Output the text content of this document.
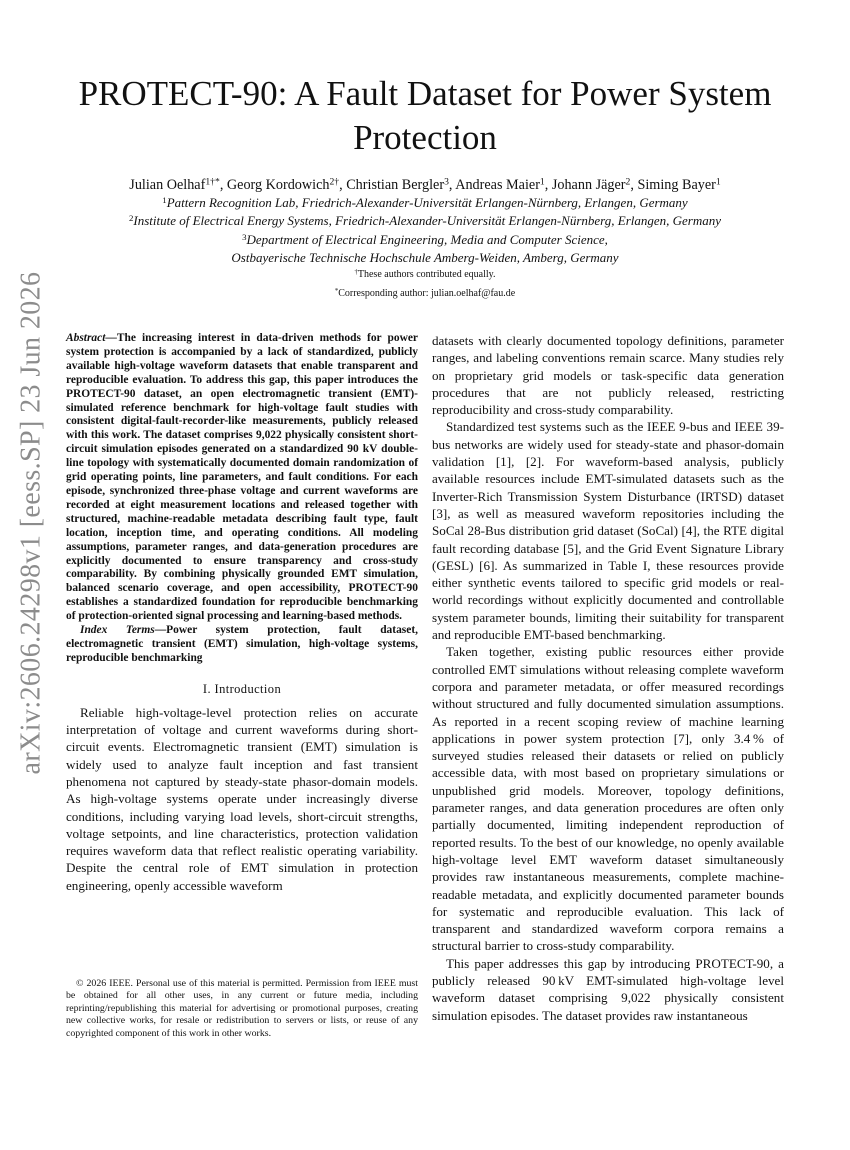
arXiv:2606.24298v1 [eess.SP] 23 Jun 2026
PROTECT-90: A Fault Dataset for Power System Protection
Julian Oelhaf$^{1\dagger*}$, Georg Kordowich$^{2\dagger}$, Christian Bergler$^3$, Andreas Maier$^1$, Johann Jäger$^2$, Siming Bayer$^1$
$^1$Pattern Recognition Lab, Friedrich-Alexander-Universität Erlangen-Nürnberg, Erlangen, Germany
$^2$Institute of Electrical Energy Systems, Friedrich-Alexander-Universität Erlangen-Nürnberg, Erlangen, Germany
$^3$Department of Electrical Engineering, Media and Computer Science,
Ostbayerische Technische Hochschule Amberg-Weiden, Amberg, Germany
†These authors contributed equally.
*Corresponding author: julian.oelhaf@fau.de

Abstract—The increasing interest in data-driven methods for power system protection is accompanied by a lack of standardized, publicly available high-voltage waveform datasets that enable transparent and reproducible evaluation. To address this gap, this paper introduces the PROTECT-90 dataset, an open electromagnetic transient (EMT)-simulated reference benchmark for high-voltage fault studies with consistent digital-fault-recorder-like measurements, publicly released with this work. The dataset comprises 9,022 physically consistent short-circuit simulation episodes generated on a standardized 90 kV double-line topology with systematically documented domain randomization of grid operating points, line parameters, and fault conditions. For each episode, synchronized three-phase voltage and current waveforms are recorded at eight measurement locations and released together with structured, machine-readable metadata describing fault type, fault location, inception time, and operating conditions. All modeling assumptions, parameter ranges, and data-generation procedures are explicitly documented to ensure transparency and cross-study comparability. By combining physically grounded EMT simulation, balanced scenario coverage, and open accessibility, PROTECT-90 establishes a standardized foundation for reproducible benchmarking of protection-oriented signal processing and learning-based methods.

Index Terms—Power system protection, fault dataset, electromagnetic transient (EMT) simulation, high-voltage systems, reproducible benchmarking

I. Introduction

Reliable high-voltage-level protection relies on accurate interpretation of voltage and current waveforms during short-circuit events. Electromagnetic transient (EMT) simulation is widely used to analyze fault inception and fast transient phenomena not captured by steady-state phasor-domain models. As high-voltage systems operate under increasingly diverse conditions, including varying load levels, short-circuit strengths, voltage setpoints, and line characteristics, protection validation requires waveform data that reflect realistic operating variability. Despite the central role of EMT simulation in protection engineering, openly accessible waveform

© 2026 IEEE. Personal use of this material is permitted. Permission from IEEE must be obtained for all other uses, in any current or future media, including reprinting/republishing this material for advertising or promotional purposes, creating new collective works, for resale or redistribution to servers or lists, or reuse of any copyrighted component of this work in other works.

datasets with clearly documented topology definitions, parameter ranges, and labeling conventions remain scarce. Many studies rely on proprietary grid models or task-specific data generation procedures that are not publicly released, restricting reproducibility and cross-study comparability.

Standardized test systems such as the IEEE 9-bus and IEEE 39-bus networks are widely used for steady-state and phasor-domain validation [1], [2]. For waveform-based analysis, publicly available resources include EMT-simulated datasets such as the Inverter-Rich Transmission System Disturbance (IRTSD) dataset [3], as well as measured waveform repositories including the SoCal 28-Bus distribution grid dataset (SoCal) [4], the RTE digital fault recording database [5], and the Grid Event Signature Library (GESL) [6]. As summarized in Table I, these resources provide either synthetic events tailored to specific grid models or real-world recordings without explicitly documented and controllable system parameter bounds, limiting their suitability for transparent and reproducible EMT-based benchmarking.

Taken together, existing public resources either provide controlled EMT simulations without releasing complete waveform corpora and parameter metadata, or offer measured recordings without structured and fully documented simulation assumptions. As reported in a recent scoping review of machine learning applications in power system protection [7], only 3.4 % of surveyed studies released their datasets or relied on publicly accessible data, with most based on proprietary simulations or unpublished grid models. Moreover, topology definitions, parameter ranges, and data generation procedures are often only partially documented, limiting independent reproduction of reported results. To the best of our knowledge, no openly available high-voltage level EMT waveform dataset simultaneously provides raw instantaneous measurements, complete machine-readable metadata, and explicitly documented parameter bounds for systematic and reproducible evaluation. This lack of transparent and standardized waveform corpora remains a structural barrier to cross-study comparability.

This paper addresses this gap by introducing PROTECT-90, a publicly released 90 kV EMT-simulated high-voltage level waveform dataset comprising 9,022 physically consistent simulation episodes. The dataset provides raw instantaneous
